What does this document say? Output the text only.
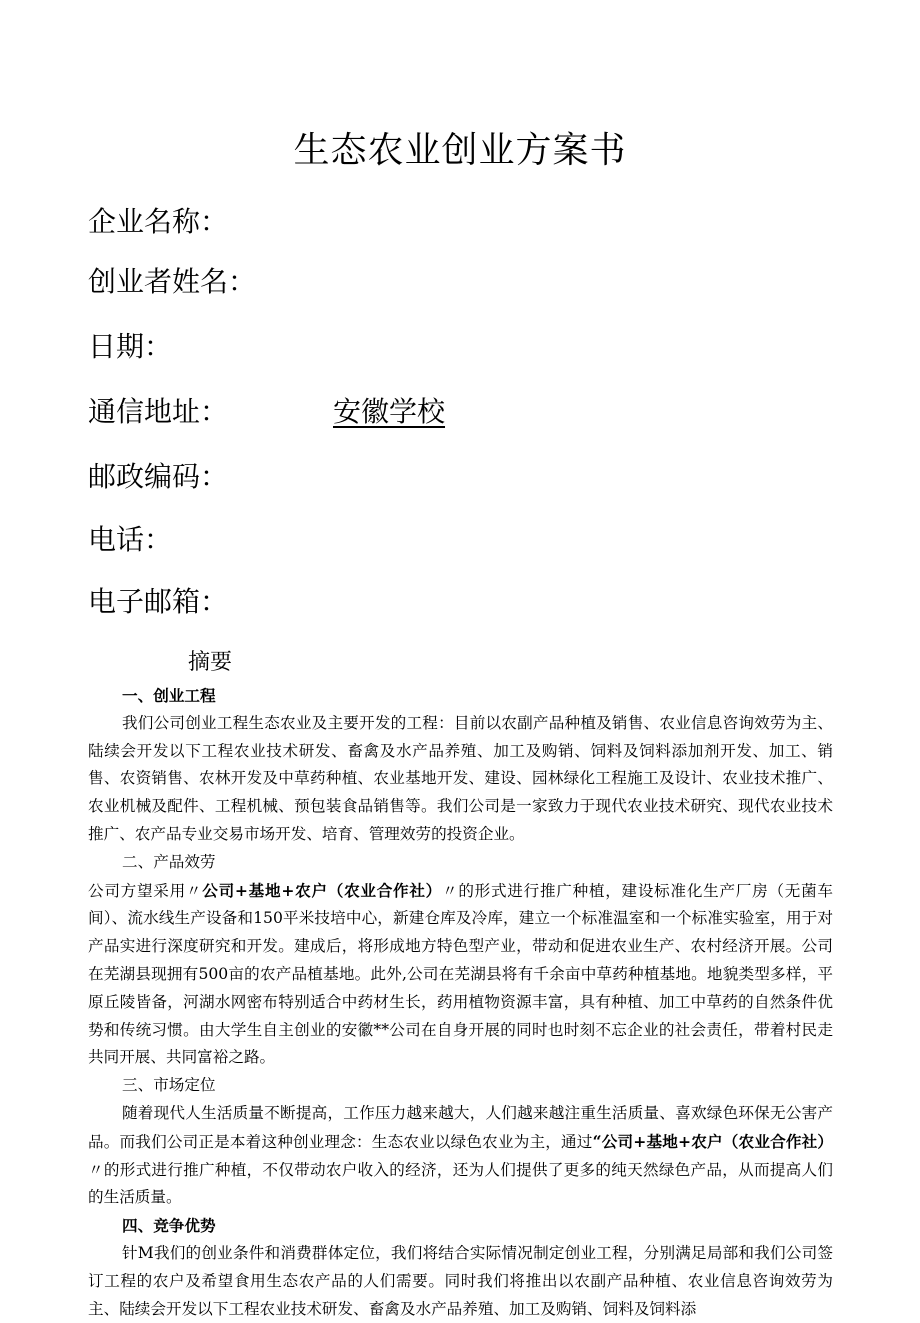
生态农业创业方案书
企业名称：
创业者姓名：
日期：
通信地址：	安徽学校
邮政编码：
电话：
电子邮箱：
摘要

一、创业工程

我们公司创业工程生态农业及主要开发的工程：目前以农副产品种植及销售、农业信息咨询效劳为主、陆续会开发以下工程农业技术研发、畜禽及水产品养殖、加工及购销、饲料及饲料添加剂开发、加工、销售、农资销售、农林开发及中草药种植、农业基地开发、建设、园林绿化工程施工及设计、农业技术推广、农业机械及配件、工程机械、预包装食品销售等。我们公司是一家致力于现代农业技术研究、现代农业技术推广、农产品专业交易市场开发、培育、管理效劳的投资企业。

二、产品效劳

公司方望采用〃公司+基地+农户（农业合作社）〃的形式进行推广种植，建设标准化生产厂房（无菌车间）、流水线生产设备和150平米技培中心，新建仓库及冷库，建立一个标准温室和一个标准实验室，用于对产品实进行深度研究和开发。建成后，将形成地方特色型产业，带动和促进农业生产、农村经济开展。公司在芜湖县现拥有500亩的农产品植基地。此外,公司在芜湖县将有千余亩中草药种植基地。地貌类型多样，平原丘陵皆备，河湖水网密布特别适合中药材生长，药用植物资源丰富，具有种植、加工中草药的自然条件优势和传统习惯。由大学生自主创业的安徽**公司在自身开展的同时也时刻不忘企业的社会责任，带着村民走共同开展、共同富裕之路。

三、市场定位

随着现代人生活质量不断提高，工作压力越来越大，人们越来越注重生活质量、喜欢绿色环保无公害产品。而我们公司正是本着这种创业理念：生态农业以绿色农业为主，通过“公司+基地+农户（农业合作社）〃的形式进行推广种植，不仅带动农户收入的经济，还为人们提供了更多的纯天然绿色产品，从而提高人们的生活质量。

四、竞争优势

针M我们的创业条件和消费群体定位，我们将结合实际情况制定创业工程，分别满足局部和我们公司签订工程的农户及希望食用生态农产品的人们需要。同时我们将推出以农副产品种植、农业信息咨询效劳为主、陆续会开发以下工程农业技术研发、畜禽及水产品养殖、加工及购销、饲料及饲料添
